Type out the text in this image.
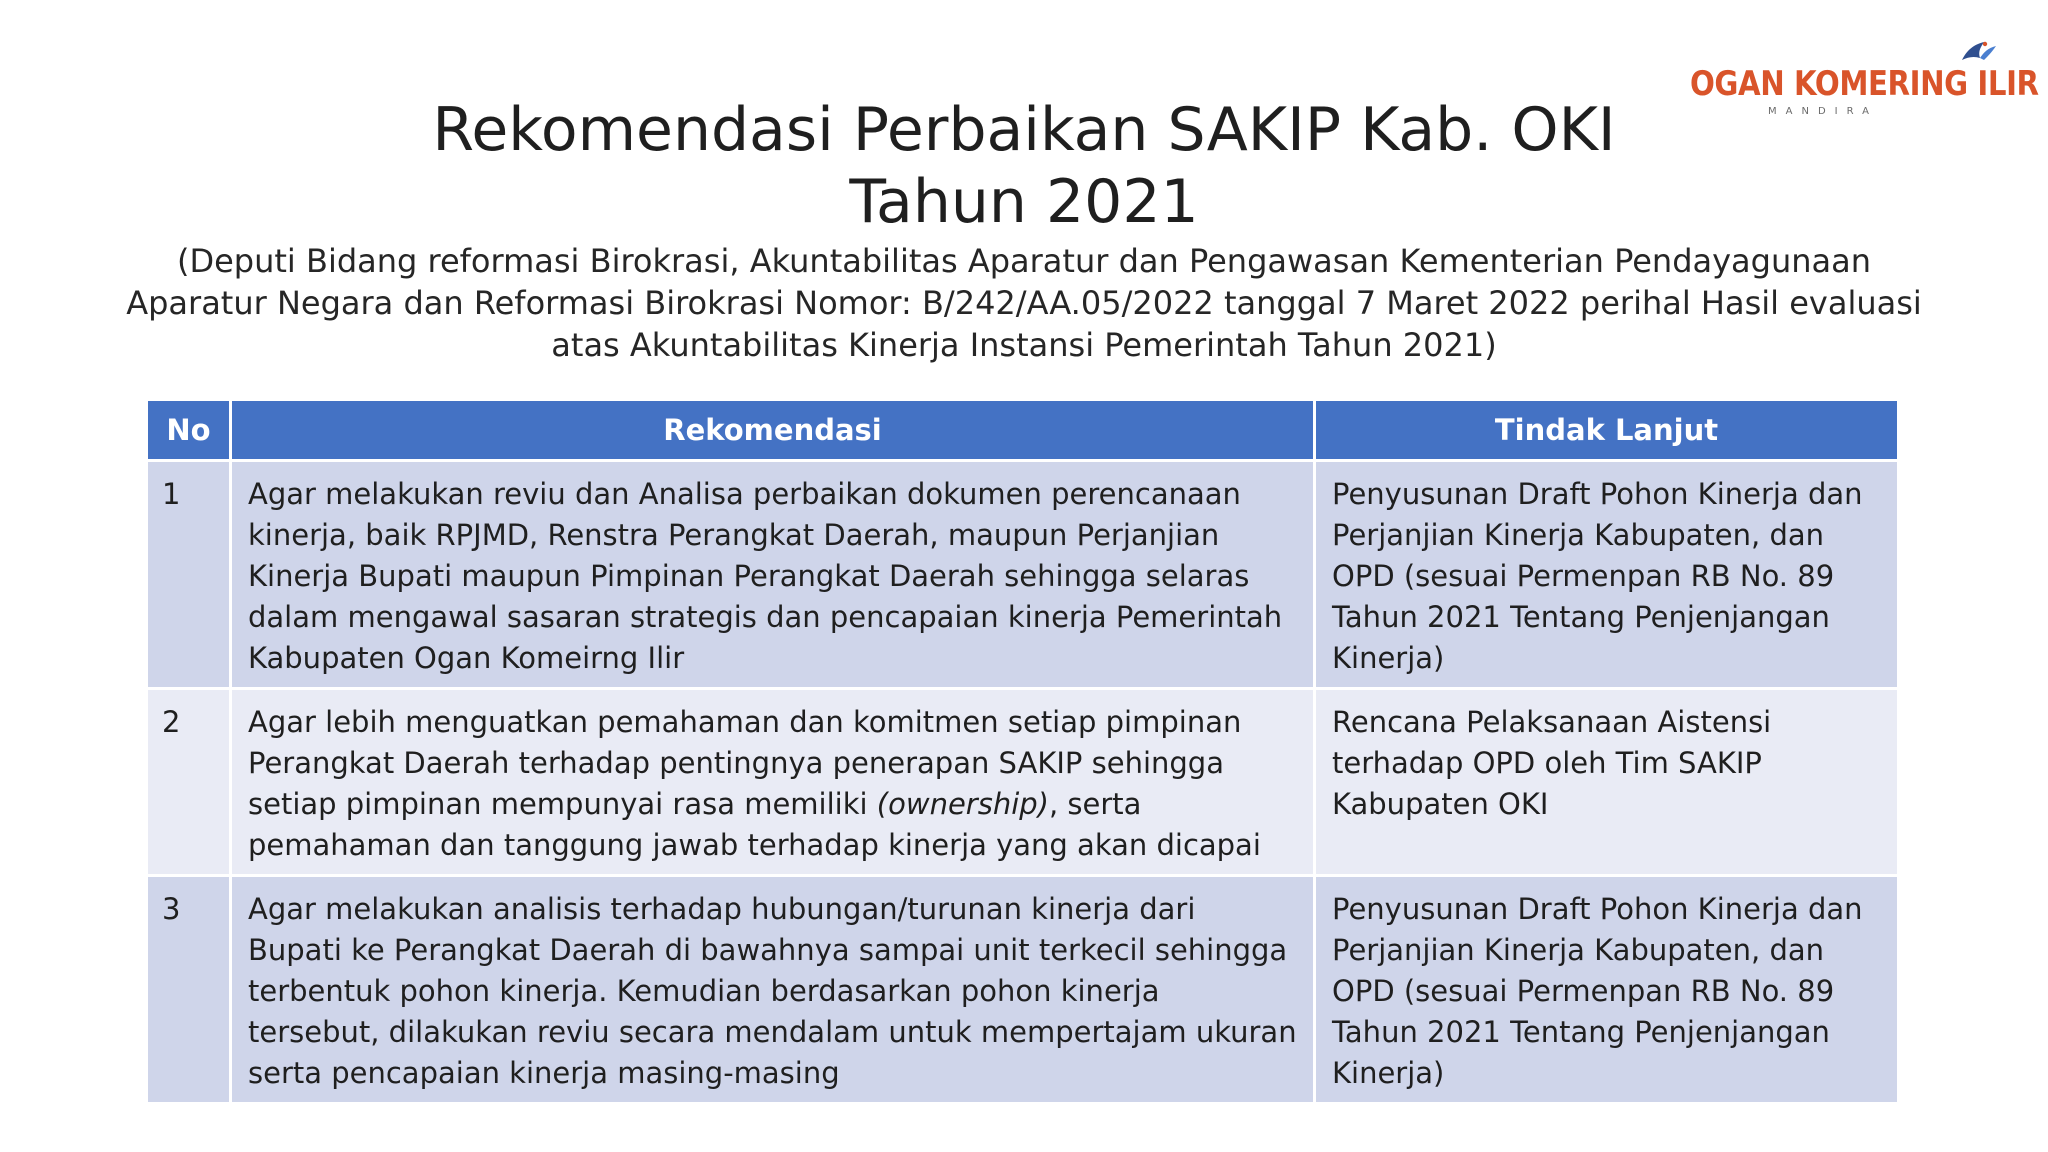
OGAN KOMERING ILIR
MANDIRA
Rekomendasi Perbaikan SAKIP Kab. OKI
Tahun 2021

(Deputi Bidang reformasi Birokrasi, Akuntabilitas Aparatur dan Pengawasan Kementerian Pendayagunaan Aparatur Negara dan Reformasi Birokrasi Nomor: B/242/AA.05/2022 tanggal 7 Maret 2022 perihal Hasil evaluasi atas Akuntabilitas Kinerja Instansi Pemerintah Tahun 2021)

No	Rekomendasi	Tindak Lanjut
1	Agar melakukan reviu dan Analisa perbaikan dokumen perencanaan kinerja, baik RPJMD, Renstra Perangkat Daerah, maupun Perjanjian Kinerja Bupati maupun Pimpinan Perangkat Daerah sehingga selaras dalam mengawal sasaran strategis dan pencapaian kinerja Pemerintah Kabupaten Ogan Komeirng Ilir	Penyusunan Draft Pohon Kinerja dan Perjanjian Kinerja Kabupaten, dan OPD (sesuai Permenpan RB No. 89 Tahun 2021 Tentang Penjenjangan Kinerja)
2	Agar lebih menguatkan pemahaman dan komitmen setiap pimpinan Perangkat Daerah terhadap pentingnya penerapan SAKIP sehingga setiap pimpinan mempunyai rasa memiliki (ownership), serta pemahaman dan tanggung jawab terhadap kinerja yang akan dicapai	Rencana Pelaksanaan Aistensi terhadap OPD oleh Tim SAKIP Kabupaten OKI
3	Agar melakukan analisis terhadap hubungan/turunan kinerja dari Bupati ke Perangkat Daerah di bawahnya sampai unit terkecil sehingga terbentuk pohon kinerja. Kemudian berdasarkan pohon kinerja tersebut, dilakukan reviu secara mendalam untuk mempertajam ukuran serta pencapaian kinerja masing-masing	Penyusunan Draft Pohon Kinerja dan Perjanjian Kinerja Kabupaten, dan OPD (sesuai Permenpan RB No. 89 Tahun 2021 Tentang Penjenjangan Kinerja)
